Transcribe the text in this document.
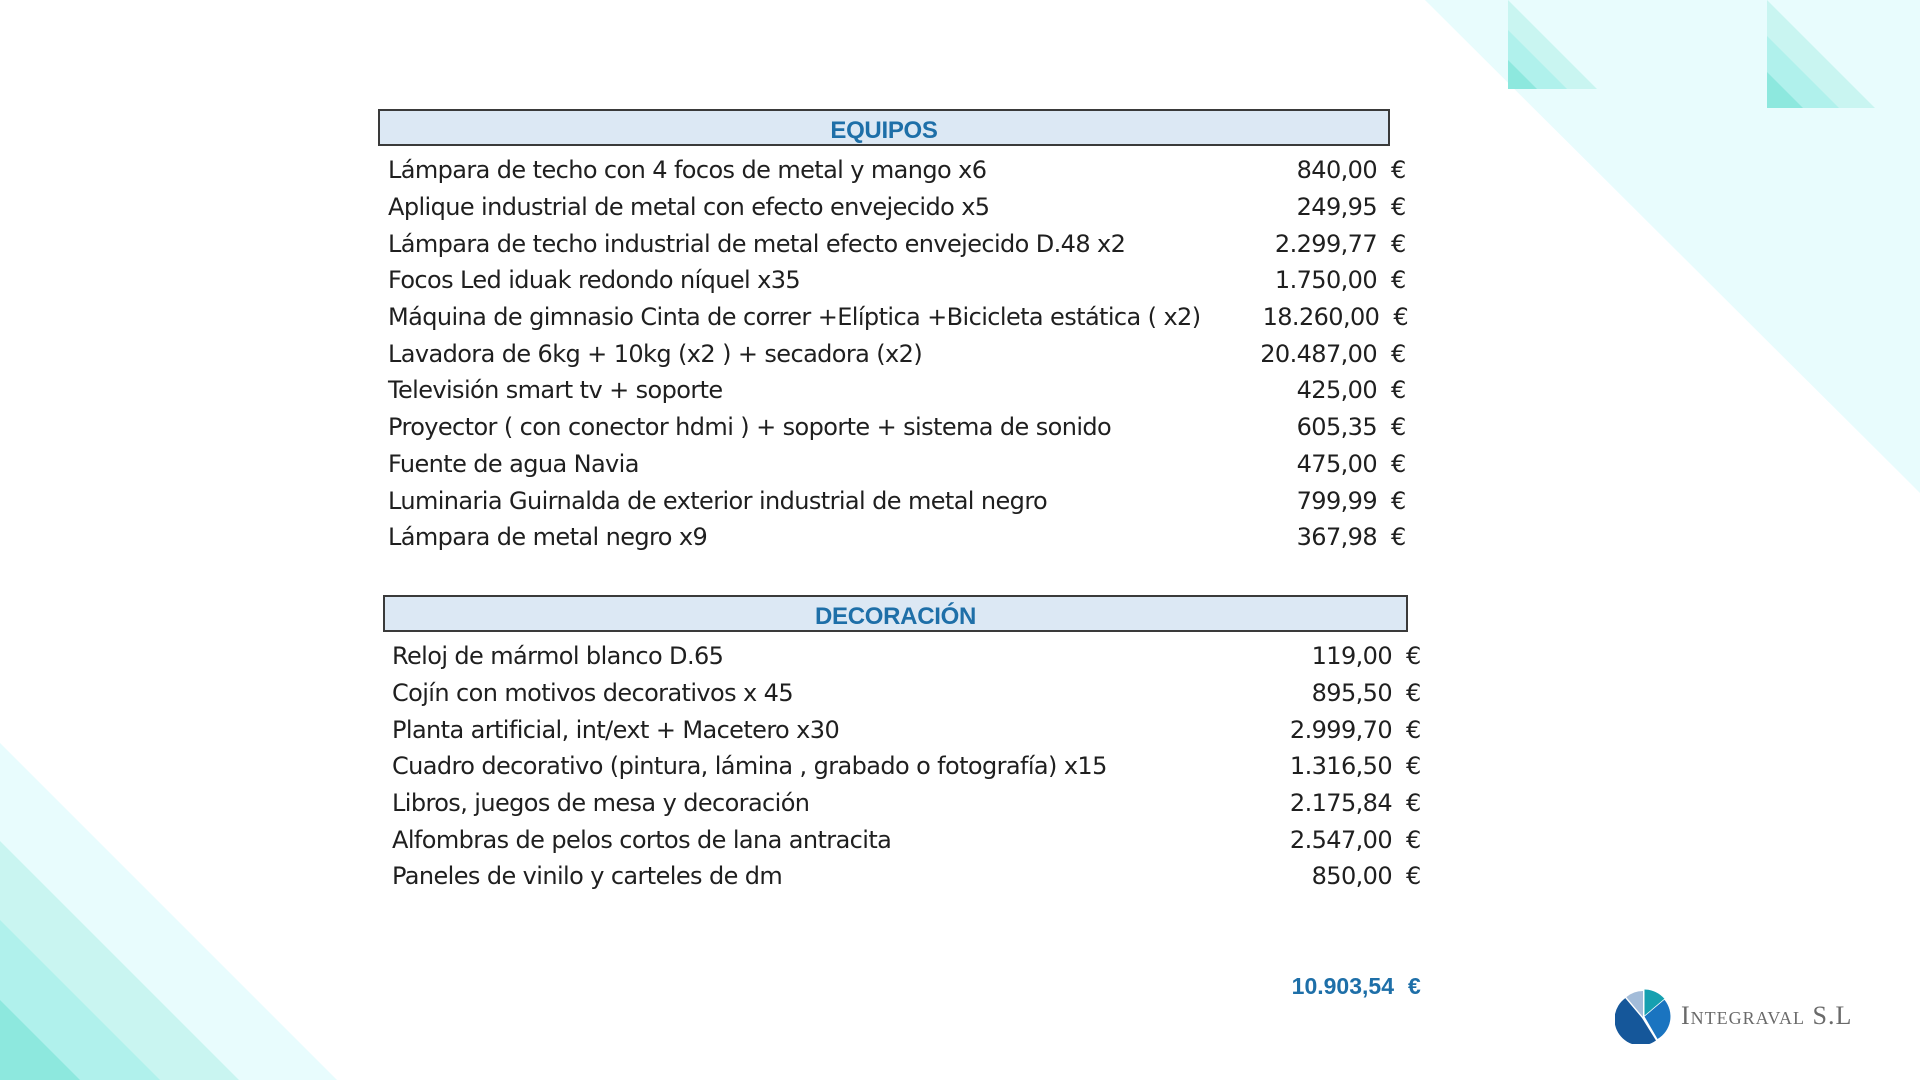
EQUIPOS
Lámpara de techo con 4 focos de metal y mango x6	840,00 €
Aplique industrial de metal con efecto envejecido x5	249,95 €
Lámpara de techo industrial de metal efecto envejecido D.48 x2	2.299,77 €
Focos Led iduak redondo níquel x35	1.750,00 €
Máquina de gimnasio Cinta de correr +Elíptica +Bicicleta estática ( x2)	18.260,00 €
Lavadora de 6kg + 10kg (x2 ) + secadora (x2)	20.487,00 €
Televisión smart tv + soporte	425,00 €
Proyector ( con conector hdmi ) + soporte + sistema de sonido	605,35 €
Fuente de agua Navia	475,00 €
Luminaria Guirnalda de exterior industrial de metal negro	799,99 €
Lámpara de metal negro x9	367,98 €
DECORACIÓN
Reloj de mármol blanco D.65	119,00 €
Cojín con motivos decorativos x 45	895,50 €
Planta artificial, int/ext + Macetero x30	2.999,70 €
Cuadro decorativo (pintura, lámina , grabado o fotografía) x15	1.316,50 €
Libros, juegos de mesa y decoración	2.175,84 €
Alfombras de pelos cortos de lana antracita	2.547,00 €
Paneles de vinilo y carteles de dm	850,00 €
10.903,54 €
Integraval S.L
